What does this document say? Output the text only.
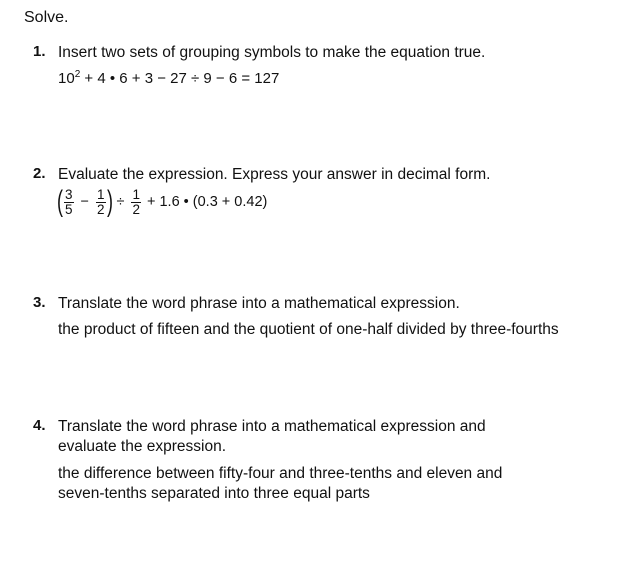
Solve.
1. Insert two sets of grouping symbols to make the equation true.
$10^2 + 4$ • 6 + 3 − 27 ÷ 9 − 6 = 127
2. Evaluate the expression. Express your answer in decimal form.
( $\frac{3}{5} - \frac{1}{2}$ ) ÷ $\frac{1}{2} + 1.6$ • (0.3 + 0.42)
3. Translate the word phrase into a mathematical expression.
the product of fifteen and the quotient of one-half divided by three-fourths
4. Translate the word phrase into a mathematical expression and
evaluate the expression.
the difference between fifty-four and three-tenths and eleven and
seven-tenths separated into three equal parts
